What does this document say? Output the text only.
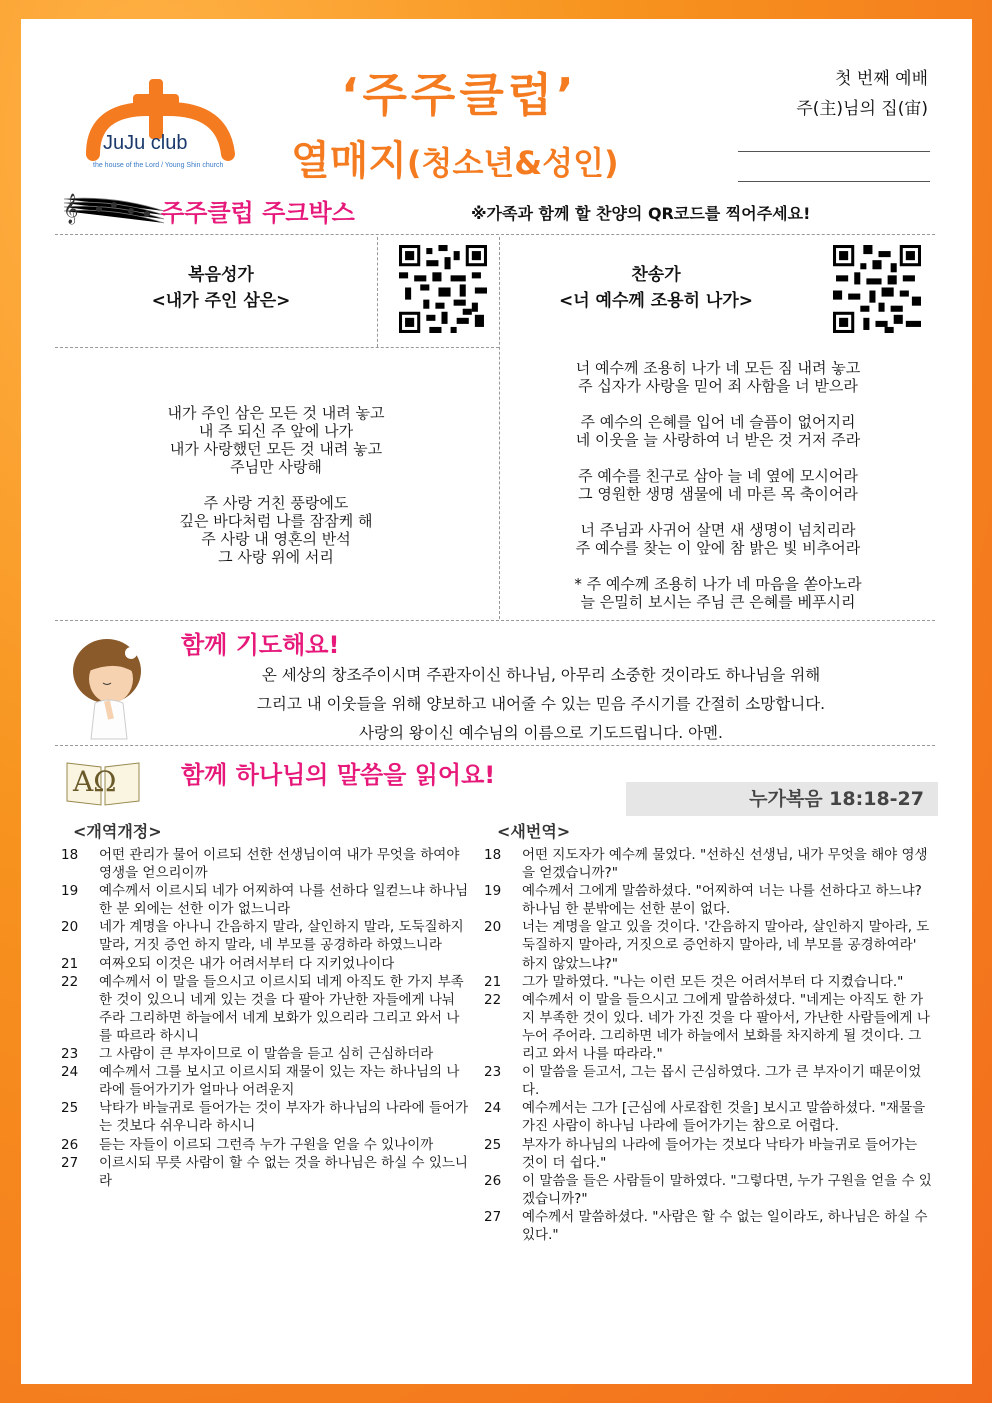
JuJu club
the house of the Lord / Young Shin church
‘주주클럽’
열매지(청소년&성인)
첫 번째 예배
주(主)님의 집(宙)
𝄞	주주클럽 주크박스	※가족과 함께 할 찬양의 QR코드를 찍어주세요!
복음성가
<내가 주인 삼은>
내가 주인 삼은 모든 것 내려 놓고
내 주 되신 주 앞에 나가
내가 사랑했던 모든 것 내려 놓고
주님만 사랑해
주 사랑 거친 풍랑에도
깊은 바다처럼 나를 잠잠케 해
주 사랑 내 영혼의 반석
그 사랑 위에 서리
찬송가
<너 예수께 조용히 나가>
너 예수께 조용히 나가 네 모든 짐 내려 놓고
주 십자가 사랑을 믿어 죄 사함을 너 받으라
주 예수의 은혜를 입어 네 슬픔이 없어지리
네 이웃을 늘 사랑하여 너 받은 것 거저 주라
주 예수를 친구로 삼아 늘 네 옆에 모시어라
그 영원한 생명 샘물에 네 마른 목 축이어라
너 주님과 사귀어 살면 새 생명이 넘치리라
주 예수를 찾는 이 앞에 참 밝은 빛 비추어라
* 주 예수께 조용히 나가 네 마음을 쏟아노라
늘 은밀히 보시는 주님 큰 은혜를 베푸시리
함께 기도해요!
온 세상의 창조주이시며 주관자이신 하나님, 아무리 소중한 것이라도 하나님을 위해
그리고 내 이웃들을 위해 양보하고 내어줄 수 있는 믿음 주시기를 간절히 소망합니다.
사랑의 왕이신 예수님의 이름으로 기도드립니다. 아멘.
AΩ	함께 하나님의 말씀을 읽어요!
누가복음 18:18-27
<개역개정>	<새번역>
18	어떤 관리가 물어 이르되 선한 선생님이여 내가 무엇을 하여야 영생을 얻으리이까
19	예수께서 이르시되 네가 어찌하여 나를 선하다 일컫느냐 하나님 한 분 외에는 선한 이가 없느니라
20	네가 계명을 아나니 간음하지 말라, 살인하지 말라, 도둑질하지 말라, 거짓 증언 하지 말라, 네 부모를 공경하라 하였느니라
21	여짜오되 이것은 내가 어려서부터 다 지키었나이다
22	예수께서 이 말을 들으시고 이르시되 네게 아직도 한 가지 부족한 것이 있으니 네게 있는 것을 다 팔아 가난한 자들에게 나눠 주라 그리하면 하늘에서 네게 보화가 있으리라 그리고 와서 나를 따르라 하시니
23	그 사람이 큰 부자이므로 이 말씀을 듣고 심히 근심하더라
24	예수께서 그를 보시고 이르시되 재물이 있는 자는 하나님의 나라에 들어가기가 얼마나 어려운지
25	낙타가 바늘귀로 들어가는 것이 부자가 하나님의 나라에 들어가는 것보다 쉬우니라 하시니
26	듣는 자들이 이르되 그런즉 누가 구원을 얻을 수 있나이까
27	이르시되 무릇 사람이 할 수 없는 것을 하나님은 하실 수 있느니라
18	어떤 지도자가 예수께 물었다. "선하신 선생님, 내가 무엇을 해야 영생을 얻겠습니까?"
19	예수께서 그에게 말씀하셨다. "어찌하여 너는 나를 선하다고 하느냐? 하나님 한 분밖에는 선한 분이 없다.
20	너는 계명을 알고 있을 것이다. '간음하지 말아라, 살인하지 말아라, 도둑질하지 말아라, 거짓으로 증언하지 말아라, 네 부모를 공경하여라' 하지 않았느냐?"
21	그가 말하였다. "나는 이런 모든 것은 어려서부터 다 지켰습니다."
22	예수께서 이 말을 들으시고 그에게 말씀하셨다. "네게는 아직도 한 가지 부족한 것이 있다. 네가 가진 것을 다 팔아서, 가난한 사람들에게 나누어 주어라. 그리하면 네가 하늘에서 보화를 차지하게 될 것이다. 그리고 와서 나를 따라라."
23	이 말씀을 듣고서, 그는 몹시 근심하였다. 그가 큰 부자이기 때문이었다.
24	예수께서는 그가 [근심에 사로잡힌 것을] 보시고 말씀하셨다. "재물을 가진 사람이 하나님 나라에 들어가기는 참으로 어렵다.
25	부자가 하나님의 나라에 들어가는 것보다 낙타가 바늘귀로 들어가는 것이 더 쉽다."
26	이 말씀을 들은 사람들이 말하였다. "그렇다면, 누가 구원을 얻을 수 있겠습니까?"
27	예수께서 말씀하셨다. "사람은 할 수 없는 일이라도, 하나님은 하실 수 있다."
